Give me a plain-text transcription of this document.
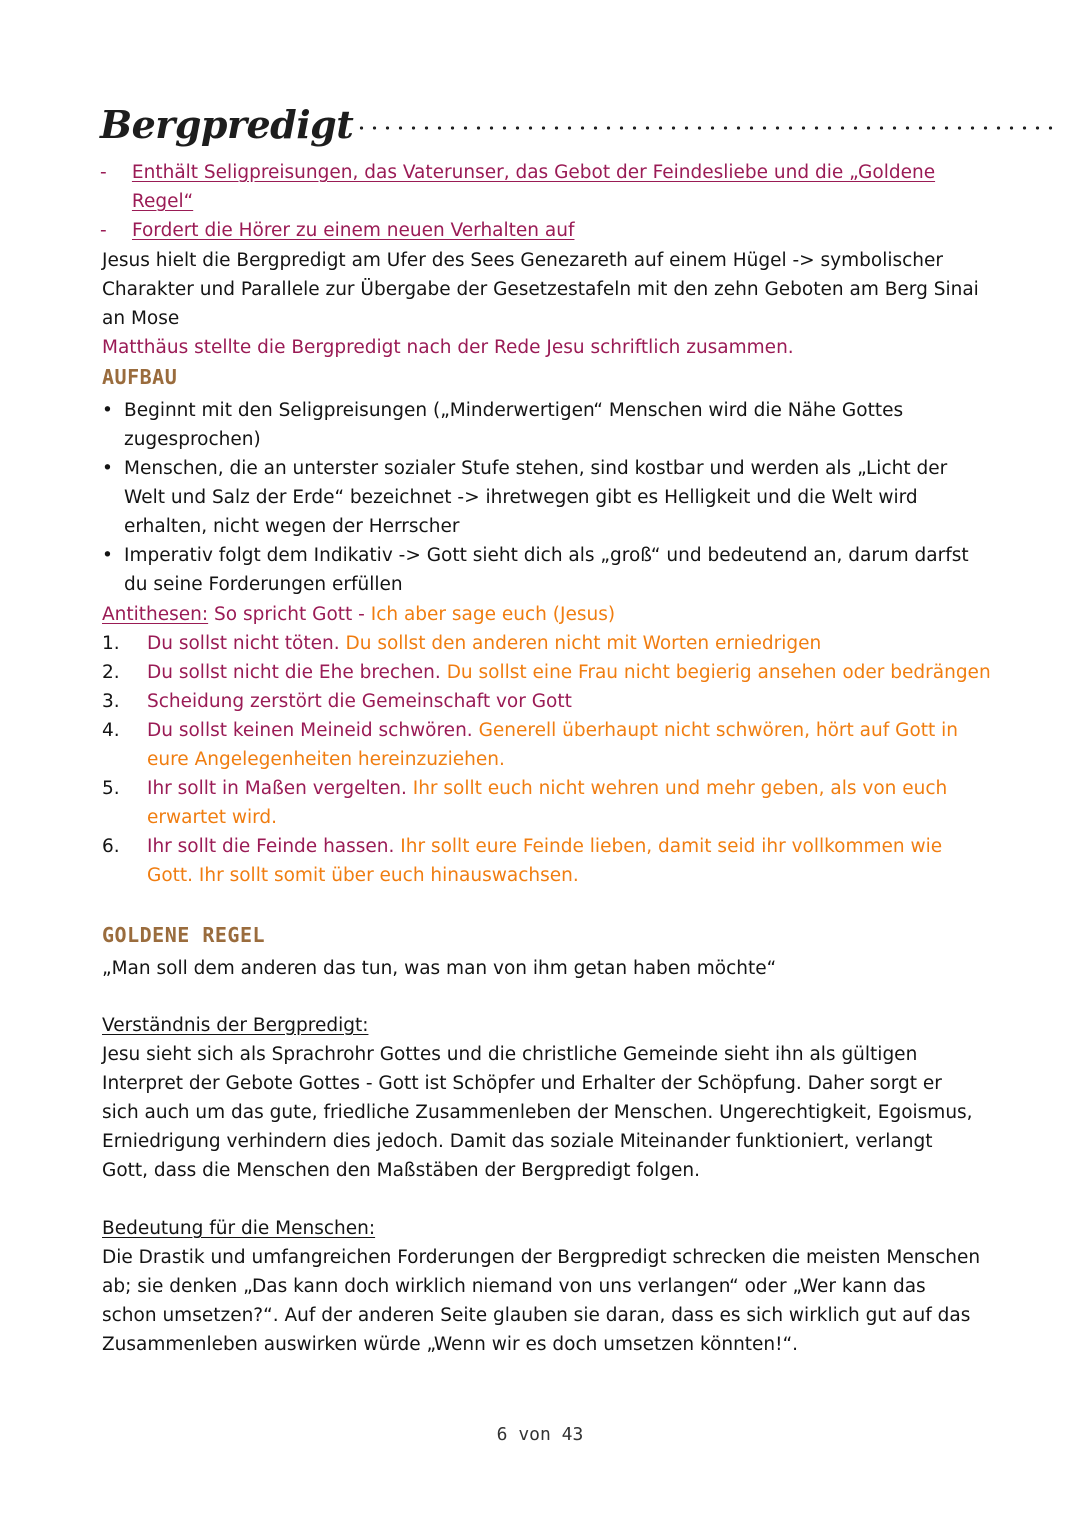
Bergpredigt
-	Enthält Seligpreisungen, das Vaterunser, das Gebot der Feindesliebe und die „Goldene Regel“
-	Fordert die Hörer zu einem neuen Verhalten auf
Jesus hielt die Bergpredigt am Ufer des Sees Genezareth auf einem Hügel -> symbolischer Charakter und Parallele zur Übergabe der Gesetzestafeln mit den zehn Geboten am Berg Sinai an Mose
Matthäus stellte die Bergpredigt nach der Rede Jesu schriftlich zusammen.
AUFBAU
• Beginnt mit den Seligpreisungen („Minderwertigen“ Menschen wird die Nähe Gottes zugesprochen)
• Menschen, die an unterster sozialer Stufe stehen, sind kostbar und werden als „Licht der Welt und Salz der Erde“ bezeichnet -> ihretwegen gibt es Helligkeit und die Welt wird erhalten, nicht wegen der Herrscher
• Imperativ folgt dem Indikativ -> Gott sieht dich als „groß“ und bedeutend an, darum darfst du seine Forderungen erfüllen
Antithesen: So spricht Gott - Ich aber sage euch (Jesus)
1.	Du sollst nicht töten. Du sollst den anderen nicht mit Worten erniedrigen
2.	Du sollst nicht die Ehe brechen. Du sollst eine Frau nicht begierig ansehen oder bedrängen
3.	Scheidung zerstört die Gemeinschaft vor Gott
4.	Du sollst keinen Meineid schwören. Generell überhaupt nicht schwören, hört auf Gott in eure Angelegenheiten hereinzuziehen.
5.	Ihr sollt in Maßen vergelten. Ihr sollt euch nicht wehren und mehr geben, als von euch erwartet wird.
6.	Ihr sollt die Feinde hassen. Ihr sollt eure Feinde lieben, damit seid ihr vollkommen wie Gott. Ihr sollt somit über euch hinauswachsen.
GOLDENE REGEL
„Man soll dem anderen das tun, was man von ihm getan haben möchte“
Verständnis der Bergpredigt:
Jesu sieht sich als Sprachrohr Gottes und die christliche Gemeinde sieht ihn als gültigen Interpret der Gebote Gottes - Gott ist Schöpfer und Erhalter der Schöpfung. Daher sorgt er sich auch um das gute, friedliche Zusammenleben der Menschen. Ungerechtigkeit, Egoismus, Erniedrigung verhindern dies jedoch. Damit das soziale Miteinander funktioniert, verlangt Gott, dass die Menschen den Maßstäben der Bergpredigt folgen.
Bedeutung für die Menschen:
Die Drastik und umfangreichen Forderungen der Bergpredigt schrecken die meisten Menschen ab; sie denken „Das kann doch wirklich niemand von uns verlangen“ oder „Wer kann das schon umsetzen?“. Auf der anderen Seite glauben sie daran, dass es sich wirklich gut auf das Zusammenleben auswirken würde „Wenn wir es doch umsetzen könnten!“.
6 von 43
